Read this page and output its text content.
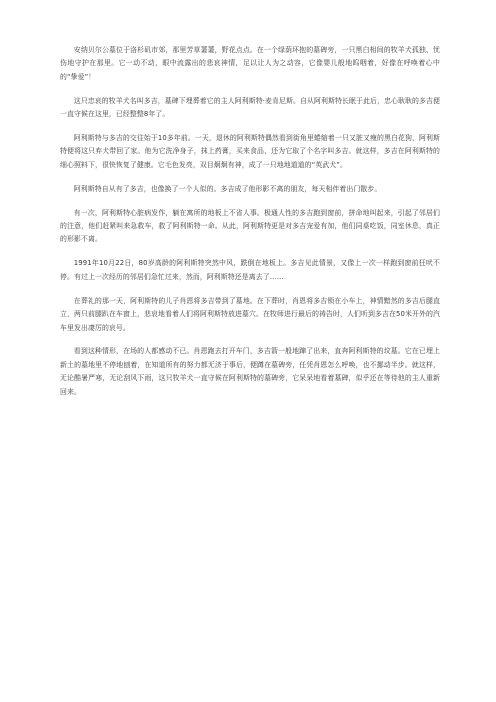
安纳贝尔公墓位于洛杉矶市郊，那里芳草萋萋，野花点点。在一个绿荫环抱的墓碑旁，一只黑白相间的牧羊犬孤独、忧伤地守护在那里。它一动不动，眼中流露出的悲哀神情，足以让人为之动容，它像婴儿般地呜咽着，好像在呼唤着心中的“挚爱”！

这只忠哀的牧羊犬名叫多吉，墓碑下埋葬着它的主人阿利斯特·麦肯尼斯。自从阿利斯特长眠于此后，忠心耿耿的多吉便一直守候在这里，已经整整8年了。

阿利斯特与多吉的交往始于10多年前。一天，退休的阿利斯特偶然看到街角里蜷缩着一只又脏又瘦的黑白花狗，阿利斯特便将这只弃犬带回了家。他为它洗净身子，抹上药膏，买来食品，还为它取了个名字叫多吉。就这样，多吉在阿利斯特的细心照料下，很快恢复了健康。它毛色发亮，双目炯炯有神，成了一只地地道道的“英武犬”。

阿利斯特自从有了多吉，也像换了一个人似的。多吉成了他形影不离的朋友，每天相伴着出门散步。

有一次，阿利斯特心脏病发作，躺在寓所的地板上不省人事。极通人性的多吉跑到窗前，拼命地叫起来，引起了邻居们的注意，他们赶紧叫来急救车，救了阿利斯特一命。从此，阿利斯特更是对多吉宠爱有加，他们同桌吃饭，同室休息，真正的形影不离。

1991年10月22日，80岁高龄的阿利斯特突然中风，跌倒在地板上。多吉见此情景，又像上一次一样跑到窗前狂吠不停。有过上一次经历的邻居们急忙过来，然而，阿利斯特还是离去了……

在葬礼的那一天，阿利斯特的儿子肖恩将多吉带到了墓地。在下葬时，肖恩将多吉锁在小车上，神情黯然的多吉后腿直立，两只前腿趴在车窗上，悲哀地看着人们将阿利斯特放进墓穴。在牧师进行最后的祷告时，人们听到多吉在50米开外的汽车里发出凄厉的哀号。

看到这种情形，在场的人都感动不已。肖恩跑去打开车门，多吉箭一般地蹿了出来，直奔阿利斯特的坟墓。它在已埋上新土的墓地里不停地刨着，在知道所有的努力都无济于事后，便蹲在墓碑旁，任凭肖恩怎么呼唤，也不挪动半步。就这样，无论酷暑严寒，无论刮风下雨，这只牧羊犬一直守候在阿利斯特的墓碑旁，它呆呆地看着墓碑，似乎还在等待他的主人重新回来。
